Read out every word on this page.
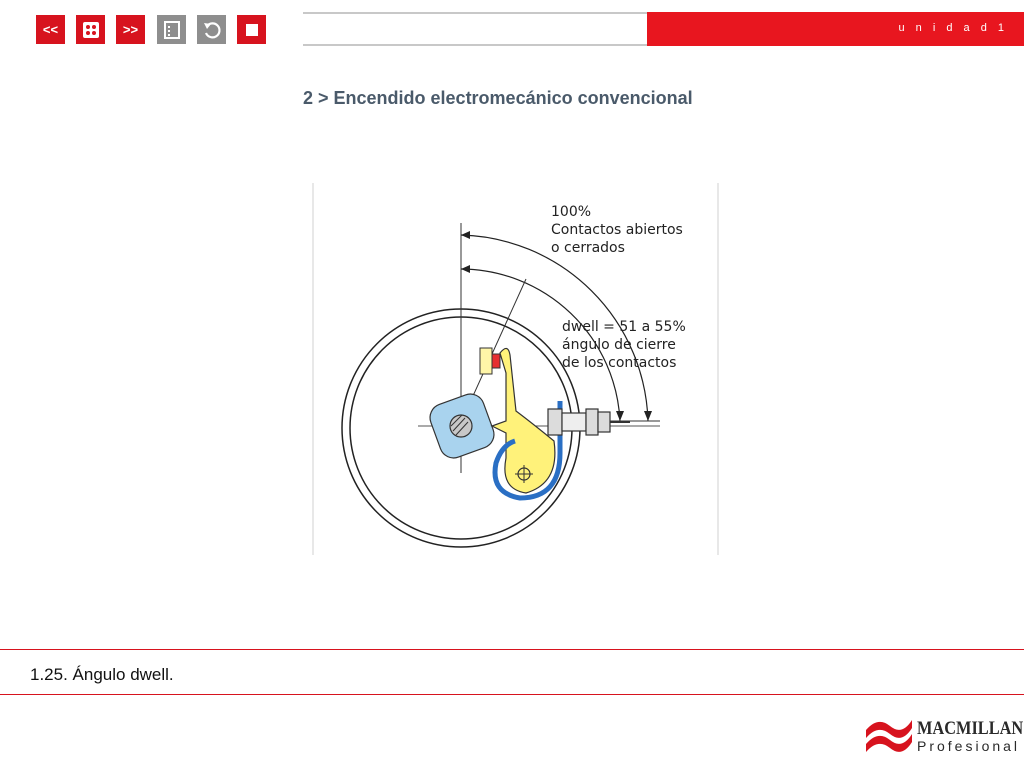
<<	>>	u n i d a d 1
2 > Encendido electromecánico convencional
100%
Contactos abiertos
o cerrados
dwell = 51 a 55%
ángulo de cierre
de los contactos
1.25. Ángulo dwell.
MACMILLAN
Profesional
